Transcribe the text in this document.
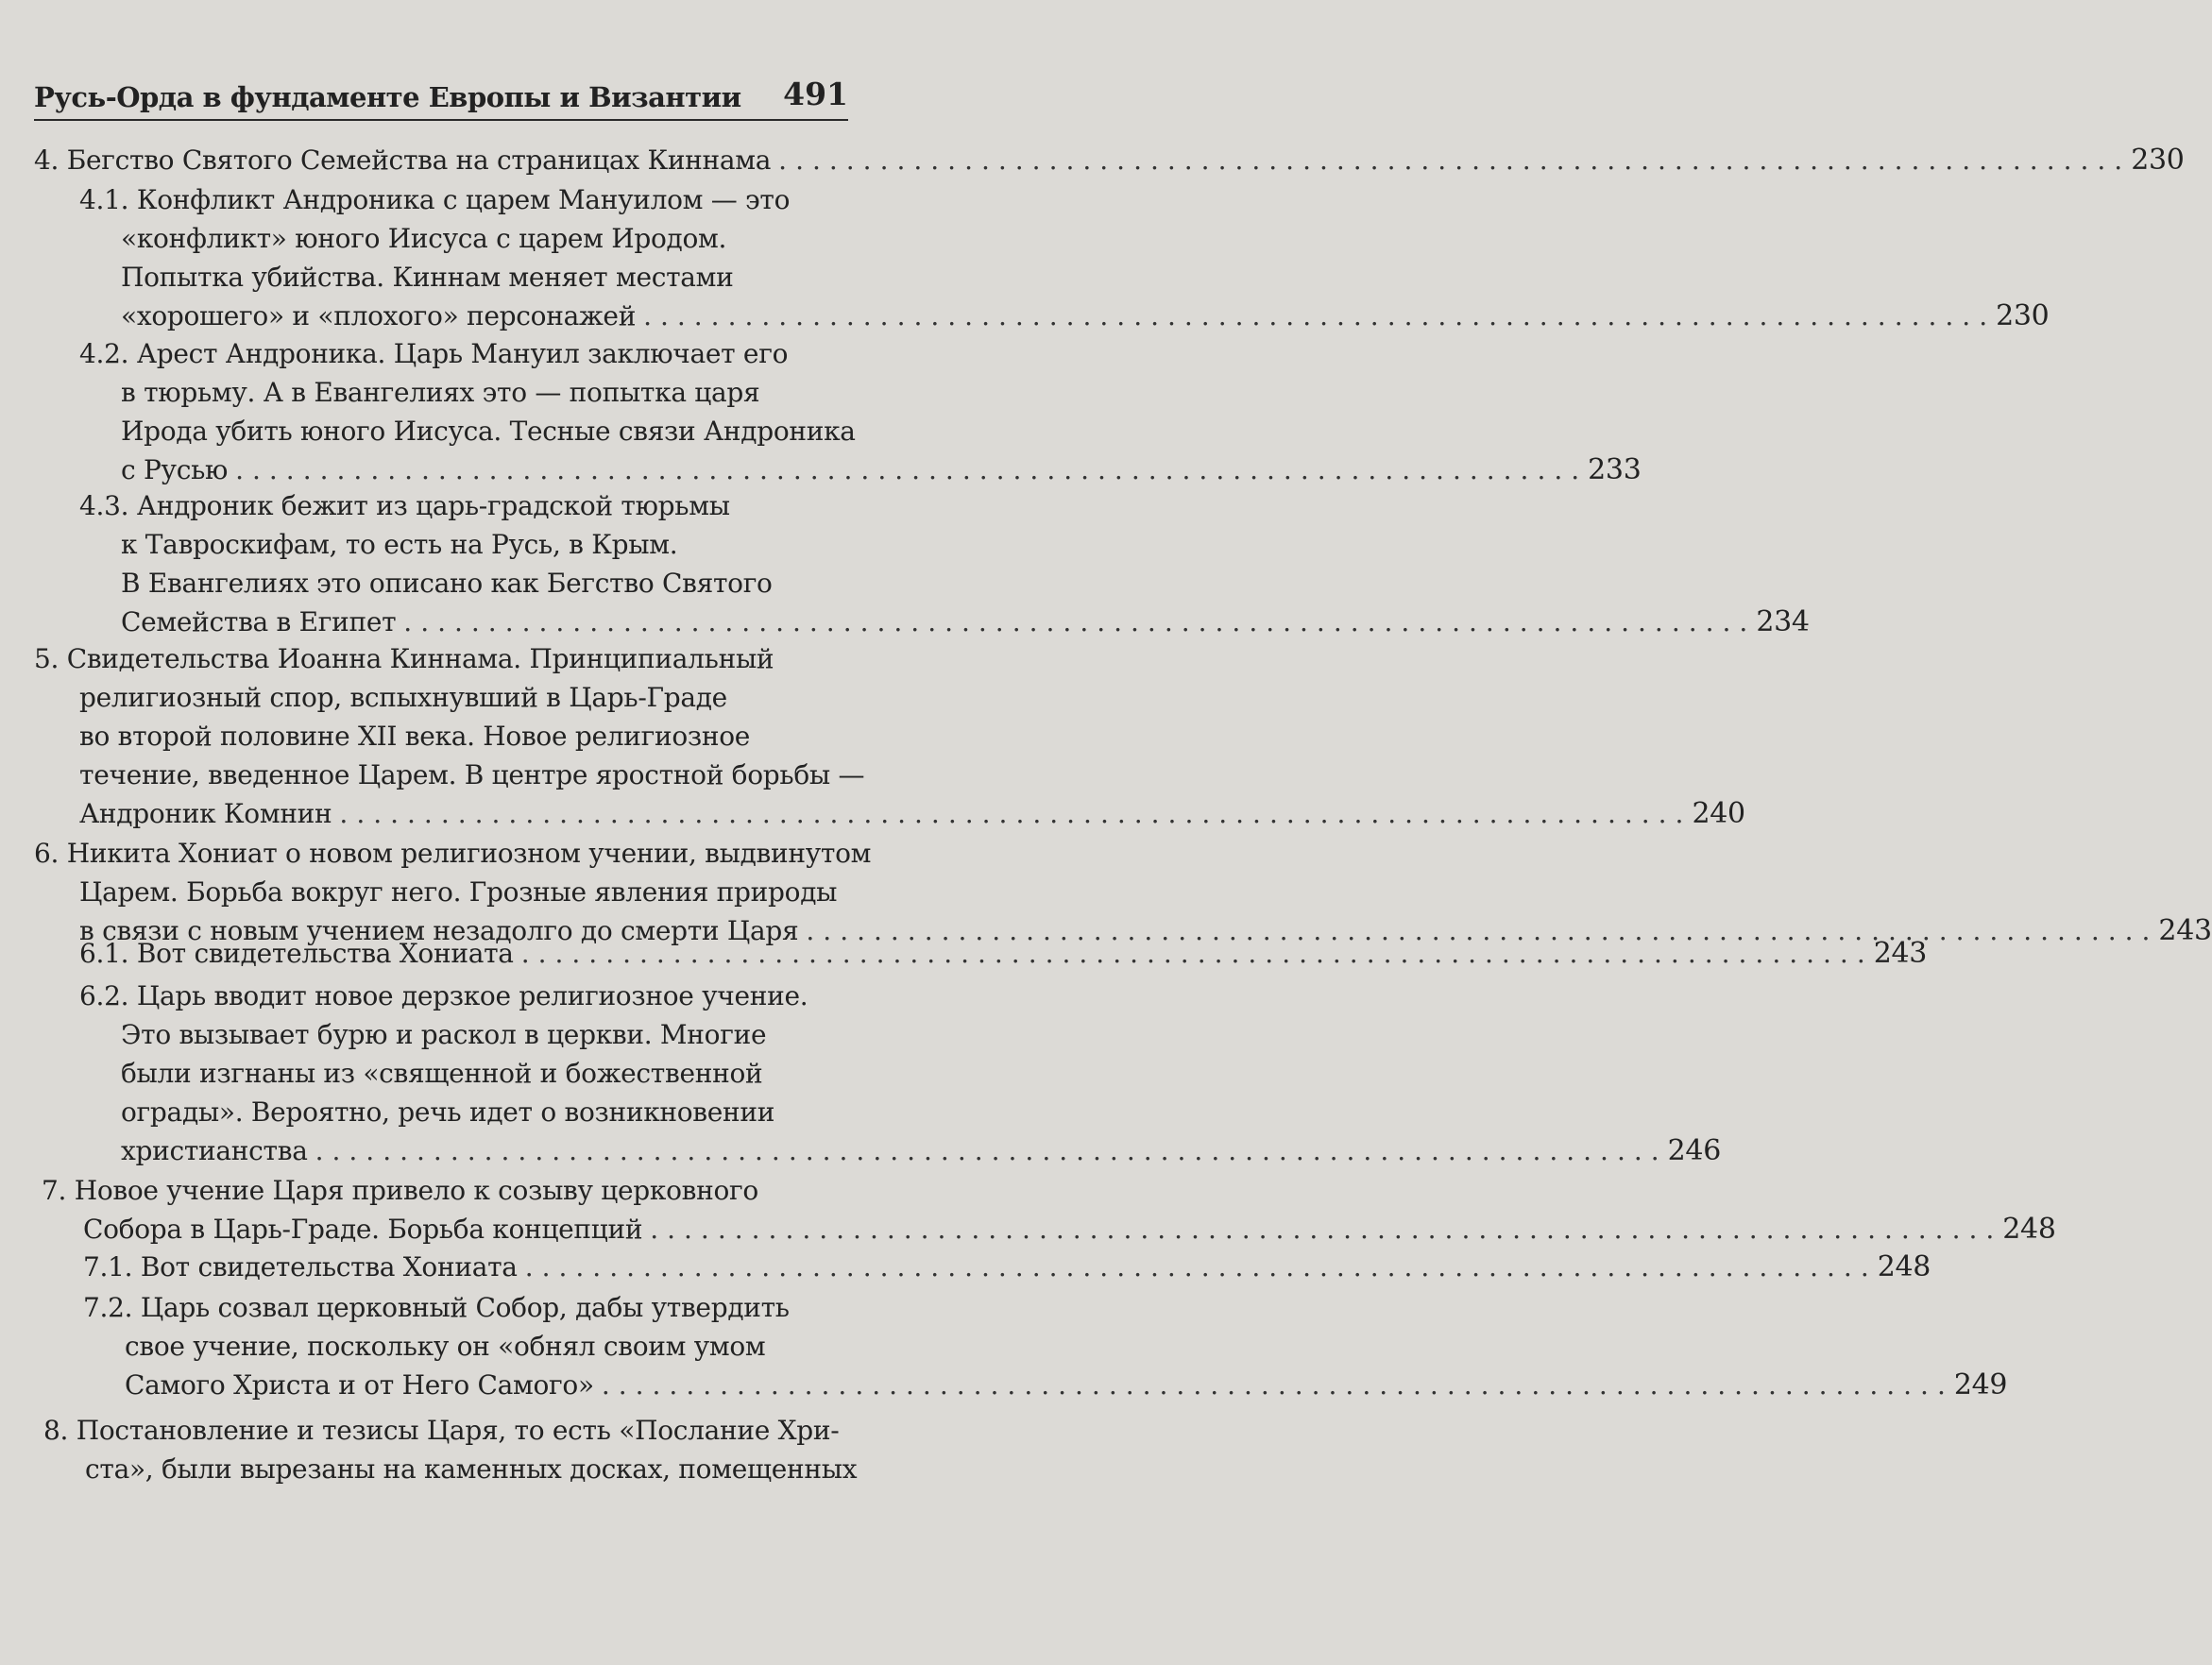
Русь-Орда в фундаменте Европы и Византии 491
4. Бегство Святого Семейства на страницах Киннама ................................................................................ 230
4.1. Конфликт Андроника с царем Мануилом — это
«конфликт» юного Иисуса с царем Иродом.
Попытка убийства. Киннам меняет местами
«хорошего» и «плохого» персонажей ................................................................................ 230
4.2. Арест Андроника. Царь Мануил заключает его
в тюрьму. А в Евангелиях это — попытка царя
Ирода убить юного Иисуса. Тесные связи Андроника
с Русью ................................................................................ 233
4.3. Андроник бежит из царь-градской тюрьмы
к Тавроскифам, то есть на Русь, в Крым.
В Евангелиях это описано как Бегство Святого
Семейства в Египет ................................................................................ 234
5. Свидетельства Иоанна Киннама. Принципиальный
религиозный спор, вспыхнувший в Царь-Граде
во второй половине XII века. Новое религиозное
течение, введенное Царем. В центре яростной борьбы —
Андроник Комнин ................................................................................ 240
6. Никита Хониат о новом религиозном учении, выдвинутом
Царем. Борьба вокруг него. Грозные явления природы
в связи с новым учением незадолго до смерти Царя ................................................................................ 243
6.1. Вот свидетельства Хониата ................................................................................ 243
6.2. Царь вводит новое дерзкое религиозное учение.
Это вызывает бурю и раскол в церкви. Многие
были изгнаны из «священной и божественной
ограды». Вероятно, речь идет о возникновении
христианства ................................................................................ 246
7. Новое учение Царя привело к созыву церковного
Собора в Царь-Граде. Борьба концепций ................................................................................ 248
7.1. Вот свидетельства Хониата ................................................................................ 248
7.2. Царь созвал церковный Собор, дабы утвердить
свое учение, поскольку он «обнял своим умом
Самого Христа и от Него Самого» ................................................................................ 249
8. Постановление и тезисы Царя, то есть «Послание Хри-
ста», были вырезаны на каменных досках, помещенных
